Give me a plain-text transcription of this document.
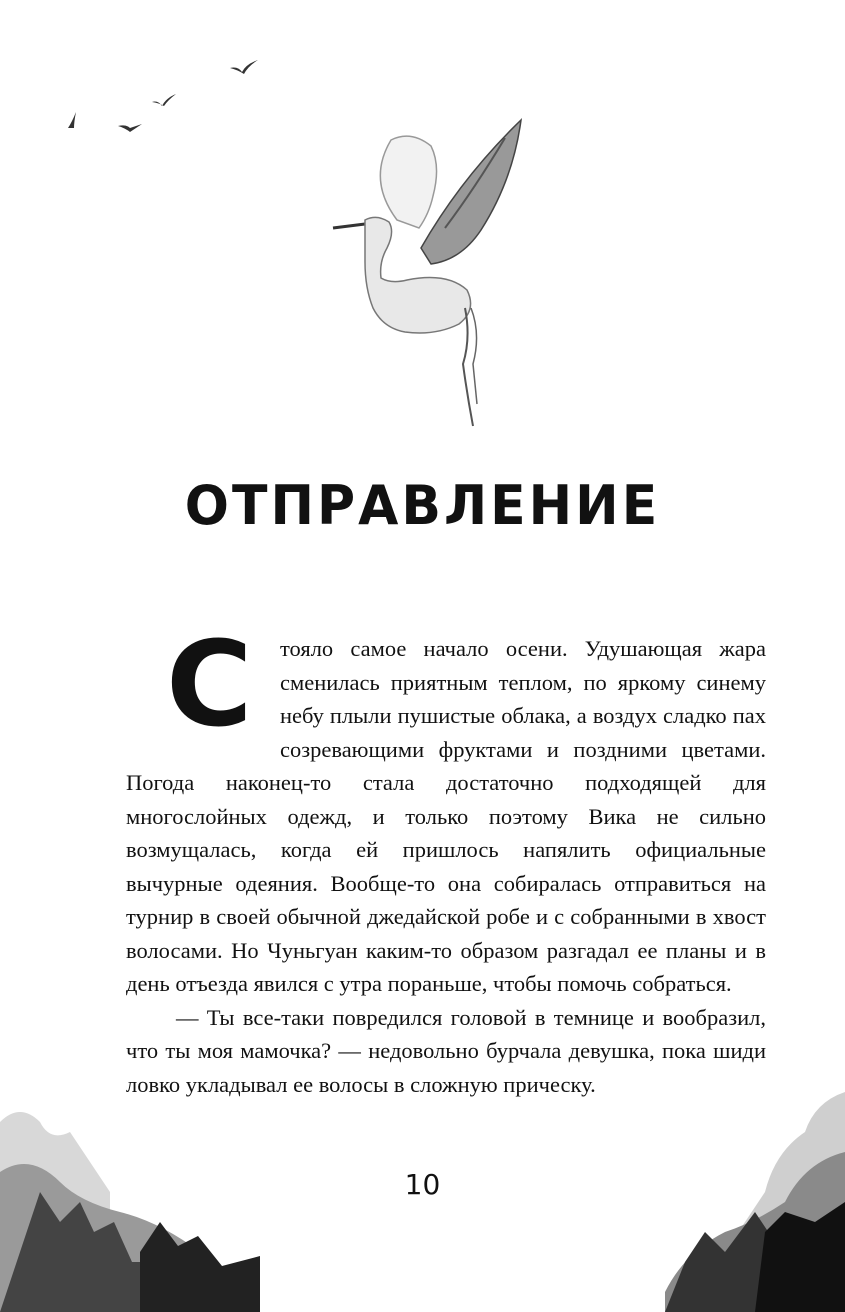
ОТПРАВЛЕНИЕ
С	тояло самое начало осени. Удушающая жара сменилась приятным теплом, по яркому синему небу плыли пушистые облака, а воздух сладко пах созревающими фруктами и поздними цветами. Погода наконец-то стала достаточно подходящей для многослойных одежд, и только поэтому Вика не сильно возмущалась, когда ей пришлось напялить официальные вычурные одеяния. Вообще-то она собиралась отправиться на турнир в своей обычной джедайской робе и с собранными в хвост волосами. Но Чуньгуан каким-то образом разгадал ее планы и в день отъезда явился с утра пораньше, чтобы помочь собраться.

— Ты все-таки повредился головой в темнице и вообразил, что ты моя мамочка? — недовольно бурчала девушка, пока шиди ловко укладывал ее волосы в сложную прическу.

10
